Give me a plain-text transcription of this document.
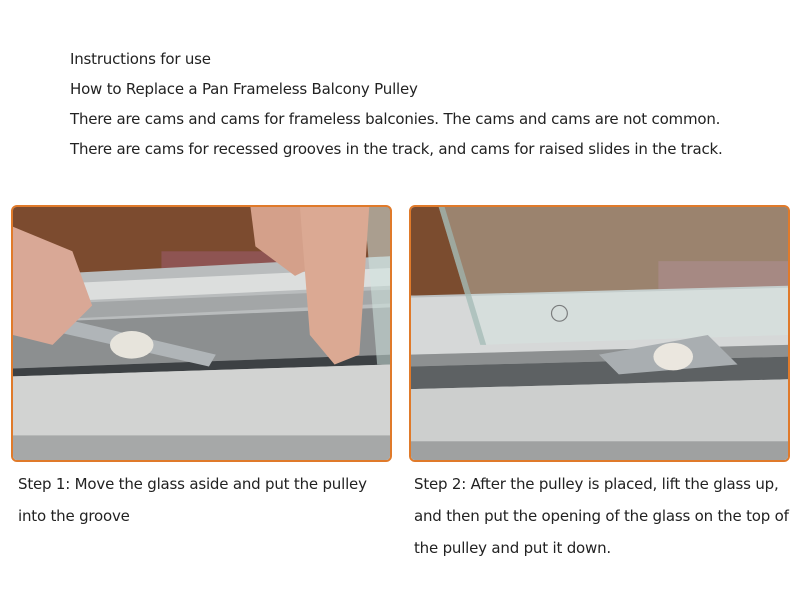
Instructions for use

How to Replace a Pan Frameless Balcony Pulley

There are cams and cams for frameless balconies. The cams and cams are not common.

There are cams for recessed grooves in the track, and cams for raised slides in the track.

Step 1: Move the glass aside and put the pulley into the groove
Step 2: After the pulley is placed, lift the glass up, and then put the opening of the glass on the top of the pulley and put it down.
